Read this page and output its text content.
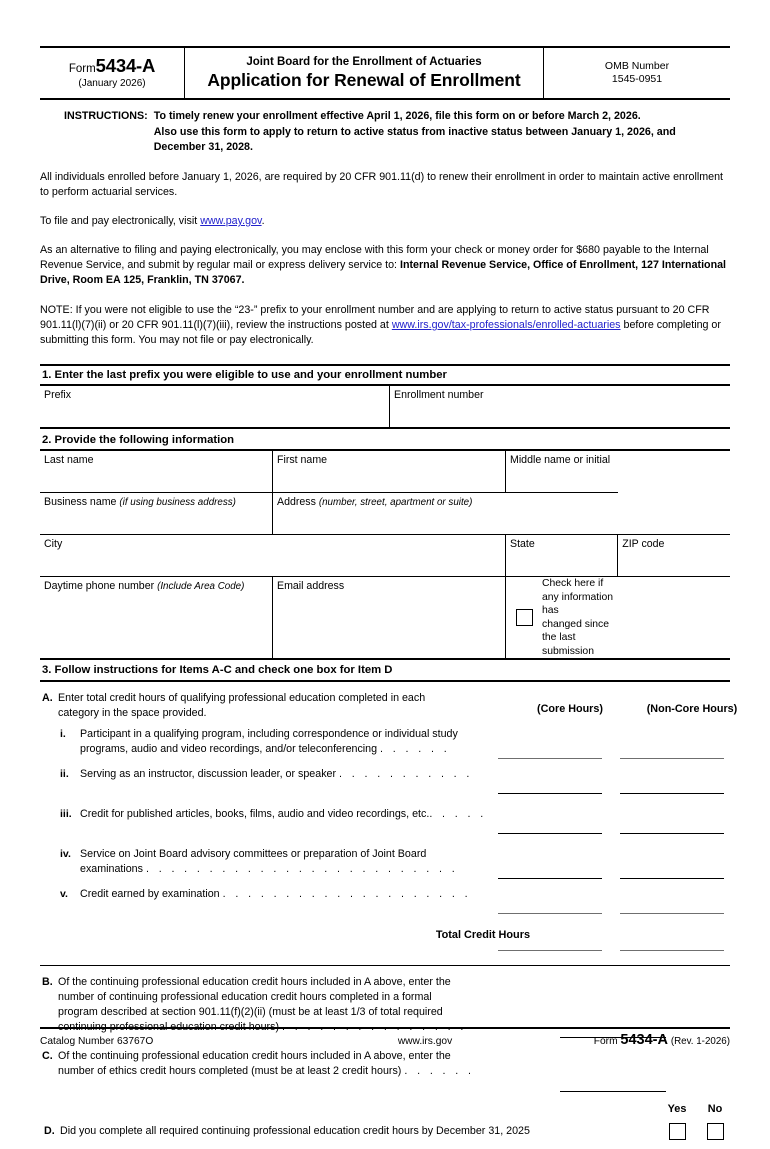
Form5434-A
(January 2026)
Joint Board for the Enrollment of Actuaries
Application for Renewal of Enrollment
OMB Number
1545-0951
INSTRUCTIONS: To timely renew your enrollment effective April 1, 2026, file this form on or before March 2, 2026.
Also use this form to apply to return to active status from inactive status between January 1, 2026, and
December 31, 2028.
All individuals enrolled before January 1, 2026, are required by 20 CFR 901.11(d) to renew their enrollment in order to maintain active enrollment to perform actuarial services.
To file and pay electronically, visit www.pay.gov.
As an alternative to filing and paying electronically, you may enclose with this form your check or money order for $680 payable to the Internal Revenue Service, and submit by regular mail or express delivery service to: Internal Revenue Service, Office of Enrollment, 127 International Drive, Room EA 125, Franklin, TN 37067.
NOTE: If you were not eligible to use the “23-” prefix to your enrollment number and are applying to return to active status pursuant to 20 CFR 901.11(l)(7)(ii) or 20 CFR 901.11(l)(7)(iii), review the instructions posted at www.irs.gov/tax-professionals/enrolled-actuaries before completing or submitting this form. You may not file or pay electronically.
1. Enter the last prefix you were eligible to use and your enrollment number
Prefix	Enrollment number
2. Provide the following information
Last name	First name	Middle name or initial	
Business name (if using business address)	Address (number, street, apartment or suite)		
City		State	ZIP code
Daytime phone number (Include Area Code)	Email address	Check here if any information has
changed since the last submission	
3. Follow instructions for Items A-C and check one box for Item D
A. Enter total credit hours of qualifying professional education completed in each
category in the space provided.	(Core Hours)	(Non-Core Hours)
i. Participant in a qualifying program, including correspondence or individual study
programs, audio and video recordings, and/or teleconferencing . . . . . .
ii. Serving as an instructor, discussion leader, or speaker . . . . . . . . . . .
iii. Credit for published articles, books, films, audio and video recordings, etc.. . . . .
iv. Service on Joint Board advisory committees or preparation of Joint Board
examinations . . . . . . . . . . . . . . . . . . . . . . . . .
v. Credit earned by examination . . . . . . . . . . . . . . . . . . . .
Total Credit Hours
B. Of the continuing professional education credit hours included in A above, enter the
number of continuing professional education credit hours completed in a formal
program described at section 901.11(f)(2)(ii) (must be at least 1/3 of total required
continuing professional education credit hours) . . . . . . . . . . . . . . .
C. Of the continuing professional education credit hours included in A above, enter the
number of ethics credit hours completed (must be at least 2 credit hours) . . . . . .
Yes	No
D. Did you complete all required continuing professional education credit hours by December 31, 2025
Catalog Number 63767O	www.irs.gov	Form 5434-A (Rev. 1-2026)
